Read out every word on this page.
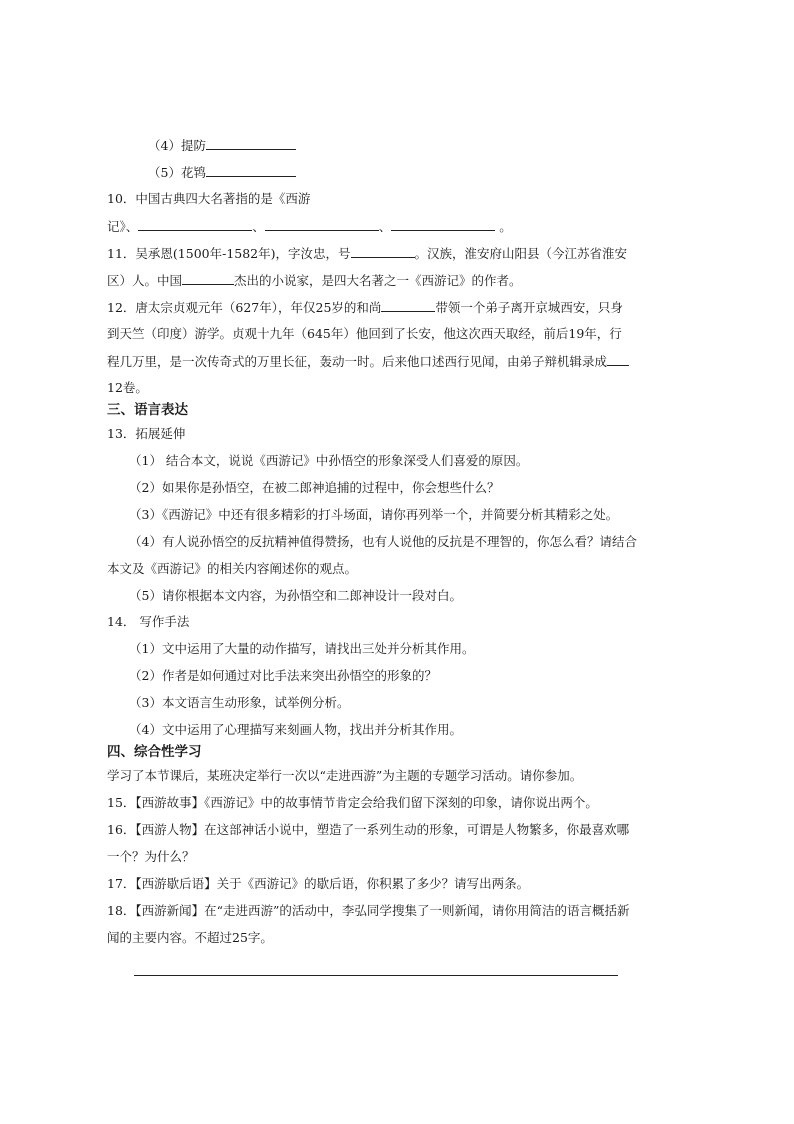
（4）提防
（5）花鸨
10．中国古典四大名著指的是《西游
记》、	、	、	。
11．吴承恩(1500年-1582年)，字汝忠，号	。汉族，淮安府山阳县（今江苏省淮安
区）人。中国	杰出的小说家，是四大名著之一《西游记》的作者。
12．唐太宗贞观元年（627年），年仅25岁的和尚	带领一个弟子离开京城西安，只身
到天竺（印度）游学。贞观十九年（645年）他回到了长安，他这次西天取经，前后19年，行
程几万里，是一次传奇式的万里长征，轰动一时。后来他口述西行见闻，由弟子辩机辑录成
12卷。
三、语言表达
13．拓展延伸
（1） 结合本文，说说《西游记》中孙悟空的形象深受人们喜爱的原因。
（2）如果你是孙悟空，在被二郎神追捕的过程中，你会想些什么？
（3）《西游记》中还有很多精彩的打斗场面，请你再列举一个，并简要分析其精彩之处。
（4）有人说孙悟空的反抗精神值得赞扬，也有人说他的反抗是不理智的，你怎么看？请结合
本文及《西游记》的相关内容阐述你的观点。
（5）请你根据本文内容，为孙悟空和二郎神设计一段对白。
14． 写作手法
（1）文中运用了大量的动作描写，请找出三处并分析其作用。
（2）作者是如何通过对比手法来突出孙悟空的形象的？
（3）本文语言生动形象，试举例分析。
（4）文中运用了心理描写来刻画人物，找出并分析其作用。
四、综合性学习
学习了本节课后，某班决定举行一次以“走进西游”为主题的专题学习活动。请你参加。
15．【西游故事】《西游记》中的故事情节肯定会给我们留下深刻的印象，请你说出两个。
16．【西游人物】在这部神话小说中，塑造了一系列生动的形象，可谓是人物繁多，你最喜欢哪
一个？为什么？
17．【西游歇后语】关于《西游记》的歇后语，你积累了多少？请写出两条。
18．【西游新闻】在“走进西游”的活动中，李弘同学搜集了一则新闻，请你用简洁的语言概括新
闻的主要内容。不超过25字。
